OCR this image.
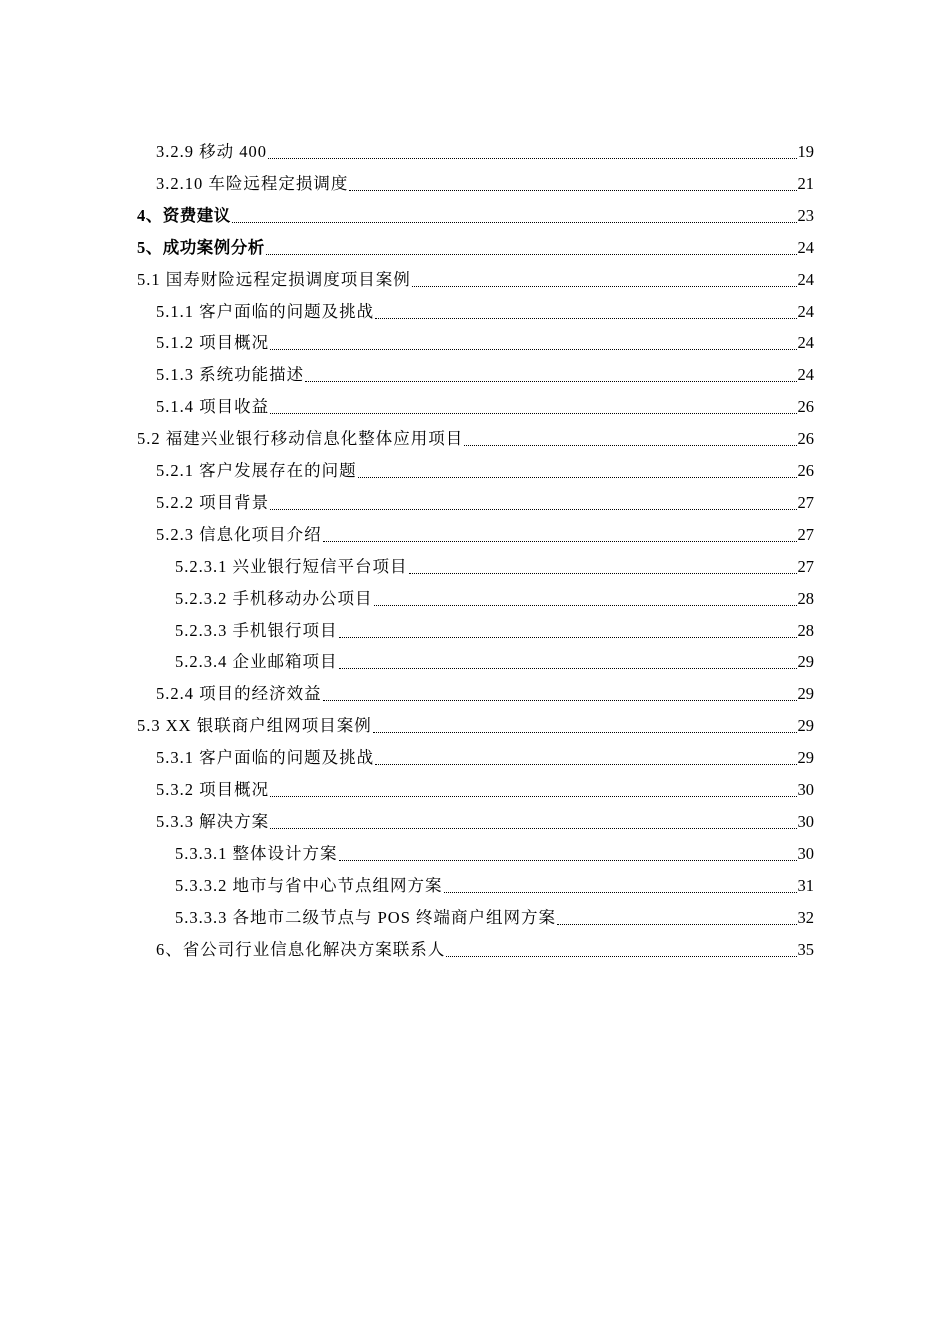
3.2.9 移动 400	19
3.2.10 车险远程定损调度	21
4、资费建议	23
5、成功案例分析	24
5.1 国寿财险远程定损调度项目案例	24
5.1.1 客户面临的问题及挑战	24
5.1.2 项目概况	24
5.1.3 系统功能描述	24
5.1.4 项目收益	26
5.2 福建兴业银行移动信息化整体应用项目	26
5.2.1 客户发展存在的问题	26
5.2.2 项目背景	27
5.2.3 信息化项目介绍	27
5.2.3.1 兴业银行短信平台项目	27
5.2.3.2 手机移动办公项目	28
5.2.3.3 手机银行项目	28
5.2.3.4 企业邮箱项目	29
5.2.4 项目的经济效益	29
5.3 XX 银联商户组网项目案例	29
5.3.1 客户面临的问题及挑战	29
5.3.2 项目概况	30
5.3.3 解决方案	30
5.3.3.1 整体设计方案	30
5.3.3.2 地市与省中心节点组网方案	31
5.3.3.3 各地市二级节点与 POS 终端商户组网方案	32
6、省公司行业信息化解决方案联系人	35
